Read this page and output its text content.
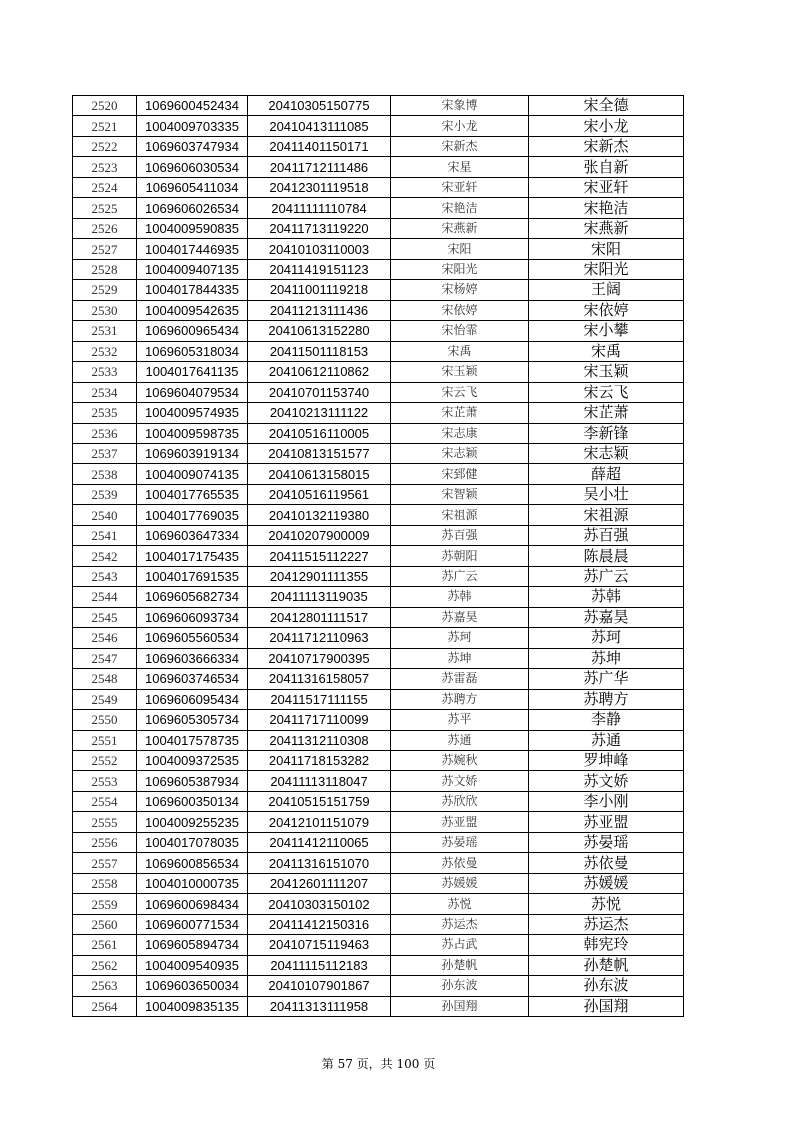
2520	1069600452434	20410305150775	宋象博	宋全德
2521	1004009703335	20410413111085	宋小龙	宋小龙
2522	1069603747934	20411401150171	宋新杰	宋新杰
2523	1069606030534	20411712111486	宋星	张自新
2524	1069605411034	20412301119518	宋亚轩	宋亚轩
2525	1069606026534	20411111110784	宋艳洁	宋艳洁
2526	1004009590835	20411713119220	宋燕新	宋燕新
2527	1004017446935	20410103110003	宋阳	宋阳
2528	1004009407135	20411419151123	宋阳光	宋阳光
2529	1004017844335	20411001119218	宋杨婷	王阔
2530	1004009542635	20411213111436	宋依婷	宋依婷
2531	1069600965434	20410613152280	宋怡霏	宋小攀
2532	1069605318034	20411501118153	宋禹	宋禹
2533	1004017641135	20410612110862	宋玉颖	宋玉颖
2534	1069604079534	20410701153740	宋云飞	宋云飞
2535	1004009574935	20410213111122	宋芷萧	宋芷萧
2536	1004009598735	20410516110005	宋志康	李新锋
2537	1069603919134	20410813151577	宋志颖	宋志颖
2538	1004009074135	20410613158015	宋郅健	薛超
2539	1004017765535	20410516119561	宋智颖	吴小壮
2540	1004017769035	20410132119380	宋祖源	宋祖源
2541	1069603647334	20410207900009	苏百强	苏百强
2542	1004017175435	20411515112227	苏朝阳	陈晨晨
2543	1004017691535	20412901111355	苏广云	苏广云
2544	1069605682734	20411113119035	苏韩	苏韩
2545	1069606093734	20412801111517	苏嘉昊	苏嘉昊
2546	1069605560534	20411712110963	苏珂	苏珂
2547	1069603666334	20410717900395	苏坤	苏坤
2548	1069603746534	20411316158057	苏雷磊	苏广华
2549	1069606095434	20411517111155	苏聘方	苏聘方
2550	1069605305734	20411717110099	苏平	李静
2551	1004017578735	20411312110308	苏通	苏通
2552	1004009372535	20411718153282	苏婉秋	罗坤峰
2553	1069605387934	20411113118047	苏文娇	苏文娇
2554	1069600350134	20410515151759	苏欣欣	李小刚
2555	1004009255235	20412101151079	苏亚盟	苏亚盟
2556	1004017078035	20411412110065	苏晏瑶	苏晏瑶
2557	1069600856534	20411316151070	苏依曼	苏依曼
2558	1004010000735	20412601111207	苏媛媛	苏媛媛
2559	1069600698434	20410303150102	苏悦	苏悦
2560	1069600771534	20411412150316	苏运杰	苏运杰
2561	1069605894734	20410715119463	苏占武	韩宪玲
2562	1004009540935	20411115112183	孙楚帆	孙楚帆
2563	1069603650034	20410107901867	孙东波	孙东波
2564	1004009835135	20411313111958	孙国翔	孙国翔
第 57 页，共 100 页
